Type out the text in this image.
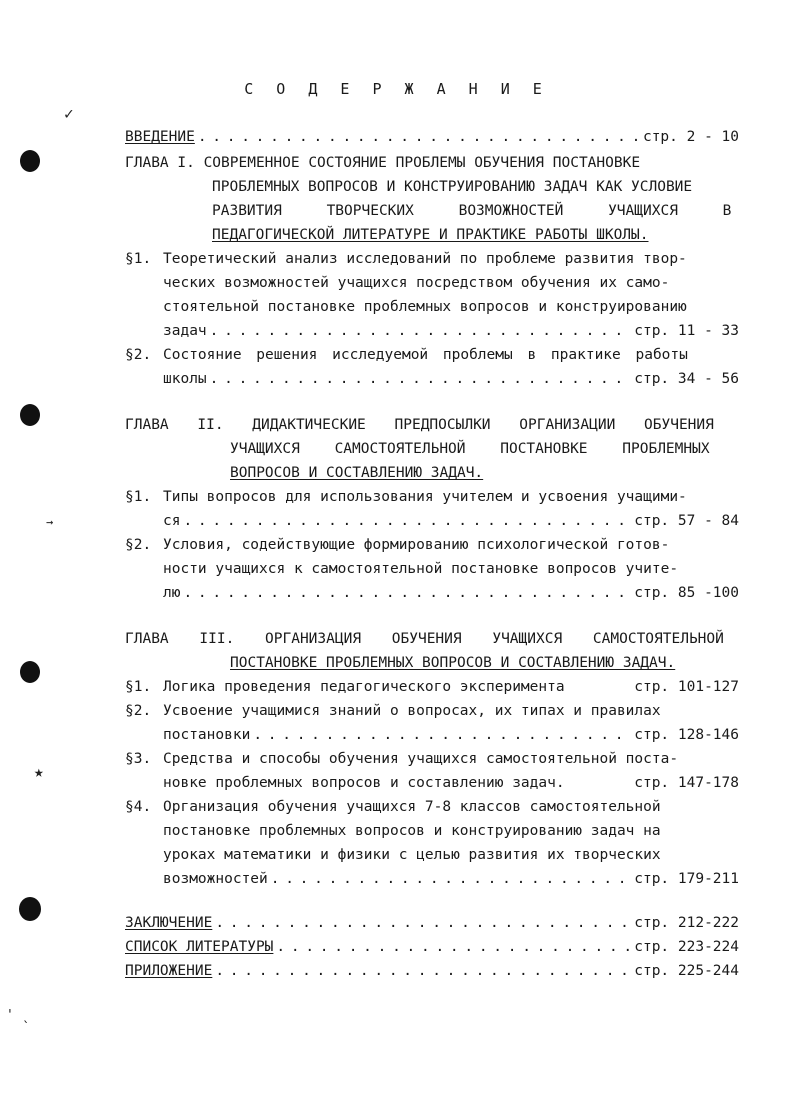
С О Д Е Р Ж А Н И Е
✓
→
★
' ˎ
ВВЕДЕНИЕ . . .	стр. 2 - 10
ГЛАВА I. СОВРЕМЕННОЕ СОСТОЯНИЕ ПРОБЛЕМЫ ОБУЧЕНИЯ ПОСТАНОВКЕ
ПРОБЛЕМНЫХ ВОПРОСОВ И КОНСТРУИРОВАНИЮ ЗАДАЧ КАК УСЛОВИЕ
РАЗВИТИЯ ТВОРЧЕСКИХ ВОЗМОЖНОСТЕЙ УЧАЩИХСЯ В
ПЕДАГОГИЧЕСКОЙ ЛИТЕРАТУРЕ И ПРАКТИКЕ РАБОТЫ ШКОЛЫ.
§1. Теоретический анализ исследований по проблеме развития твор-
ческих возможностей учащихся посредством обучения их само-
стоятельной постановке проблемных вопросов и конструированию
задач . . .	стр. 11 - 33
§2. Состояние решения исследуемой проблемы в практике работы
школы . . .	стр. 34 - 56
ГЛАВА II. ДИДАКТИЧЕСКИЕ ПРЕДПОСЫЛКИ ОРГАНИЗАЦИИ ОБУЧЕНИЯ
УЧАЩИХСЯ САМОСТОЯТЕЛЬНОЙ ПОСТАНОВКЕ ПРОБЛЕМНЫХ
ВОПРОСОВ И СОСТАВЛЕНИЮ ЗАДАЧ.
§1. Типы вопросов для использования учителем и усвоения учащими-
ся . . .	стр. 57 - 84
§2. Условия, содействующие формированию психологической готов-
ности учащихся к самостоятельной постановке вопросов учите-
лю . . .	стр. 85 -100
ГЛАВА III. ОРГАНИЗАЦИЯ ОБУЧЕНИЯ УЧАЩИХСЯ САМОСТОЯТЕЛЬНОЙ
ПОСТАНОВКЕ ПРОБЛЕМНЫХ ВОПРОСОВ И СОСТАВЛЕНИЮ ЗАДАЧ.
§1. Логика проведения педагогического эксперимента	стр. 101-127
§2. Усвоение учащимися знаний о вопросах, их типах и правилах
постановки . . .	стр. 128-146
§3. Средства и способы обучения учащихся самостоятельной поста-
новке проблемных вопросов и составлению задач.	стр. 147-178
§4. Организация обучения учащихся 7-8 классов самостоятельной
постановке проблемных вопросов и конструированию задач на
уроках математики и физики с целью развития их творческих
возможностей . . .	стр. 179-211
ЗАКЛЮЧЕНИЕ . . .	стр. 212-222
СПИСОК ЛИТЕРАТУРЫ . . .	стр. 223-224
ПРИЛОЖЕНИЕ . . .	стр. 225-244
